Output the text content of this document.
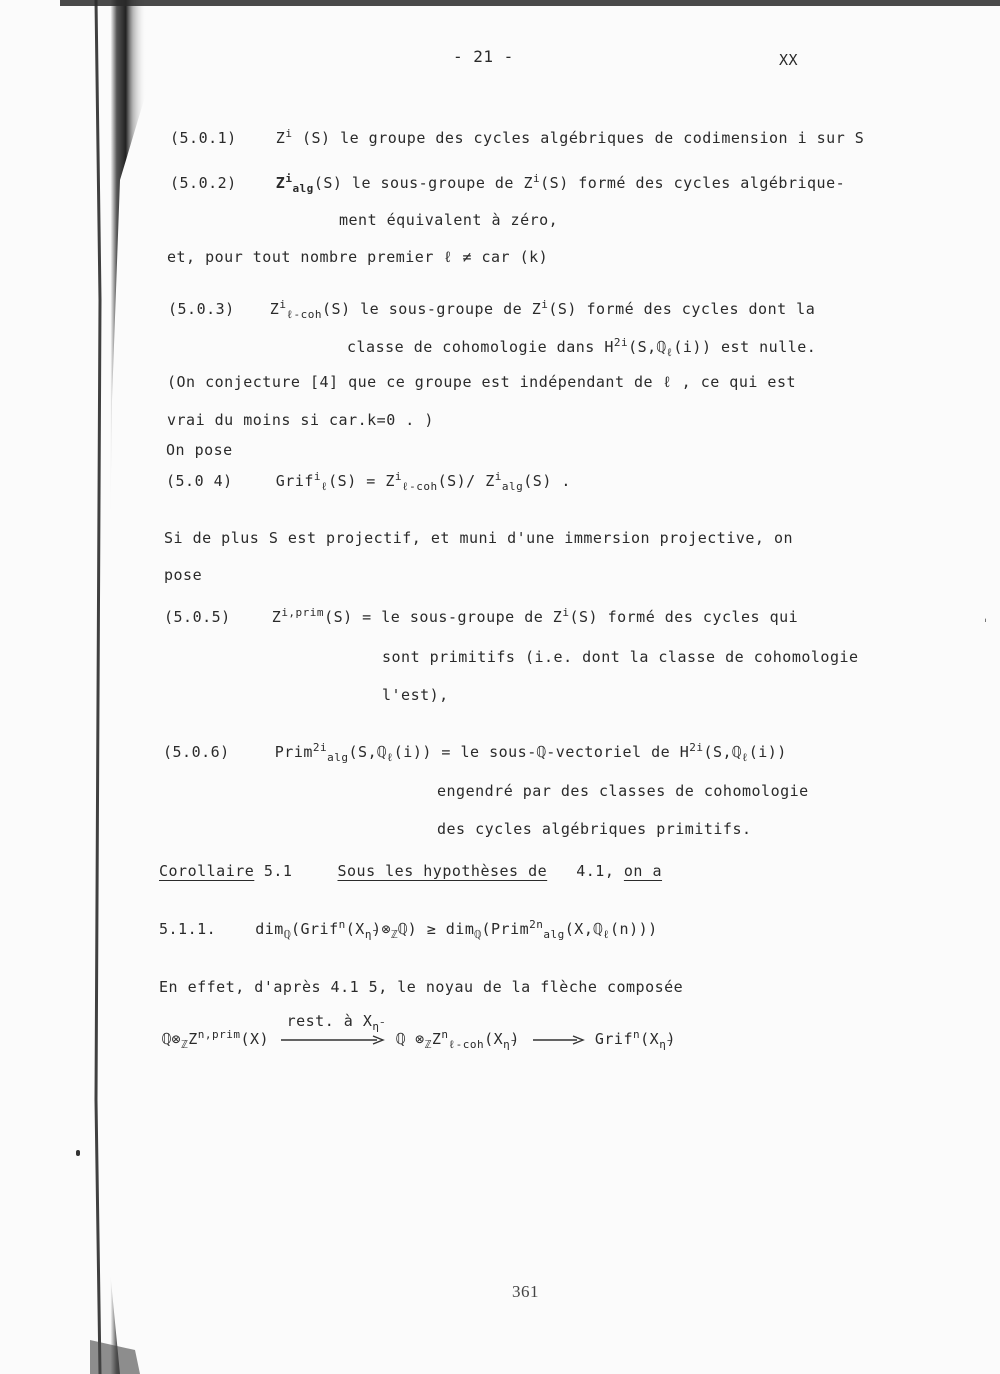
- 21 -	XX
(5.0.1)	$Z^i$ (S) le groupe des cycles algébriques de codimension i sur S
(5.0.2)	$Z^i_{alg}(S)$ le sous-groupe de $Z^i(S)$ formé des cycles algébrique-
ment équivalent à zéro,
et, pour tout nombre premier ℓ ≠ car (k)
(5.0.3) $Z^i_{\ell-coh}(S)$ le sous-groupe de $Z^i(S)$ formé des cycles dont la
classe de cohomologie dans $H^{2i}(S,ℚ_\ell(i))$ est nulle.
(On conjecture [4] que ce groupe est indépendant de ℓ , ce qui est
vrai du moins si car.k=0 . )
On pose
(5.0 4)	Grif$^i_\ell$(S) = $Z^i_{\ell-coh}(S)/$ $Z^i_{alg}(S)$ .
Si de plus S est projectif, et muni d'une immersion projective, on
pose
(5.0.5)	$Z^{i,prim}(S)$ = le sous-groupe de $Z^i(S)$ formé des cycles qui
sont primitifs (i.e. dont la classe de cohomologie
l'est),
(5.0.6)	Prim$^{2i}_{alg}$(S,ℚ$_\ell$(i)) = le sous-ℚ-vectoriel de $H^{2i}(S,ℚ_\ell(i))$
engendré par des classes de cohomologie
des cycles algébriques primitifs.
Corollaire 5.1	Sous les hypothèses de 4.1, on a
5.1.1.	$dim_ℚ(Grif^n(X_{\etā})\otimes_ℤℚ)$ ≥ dim$_ℚ$(Prim$^{2n}_{alg}$(X,ℚ$_\ell$(n)))
En effet, d'après 4.1 5, le noyau de la flèche composée
$ℚ\otimes_ℤZ^{n,prim}(X)$
rest. à $X_{\etā}$
ℚ $\otimes_ℤZ^n_{\ell-coh}(X_{\etā})$	$Grif^n(X_{\etā})$
ˈ
361
